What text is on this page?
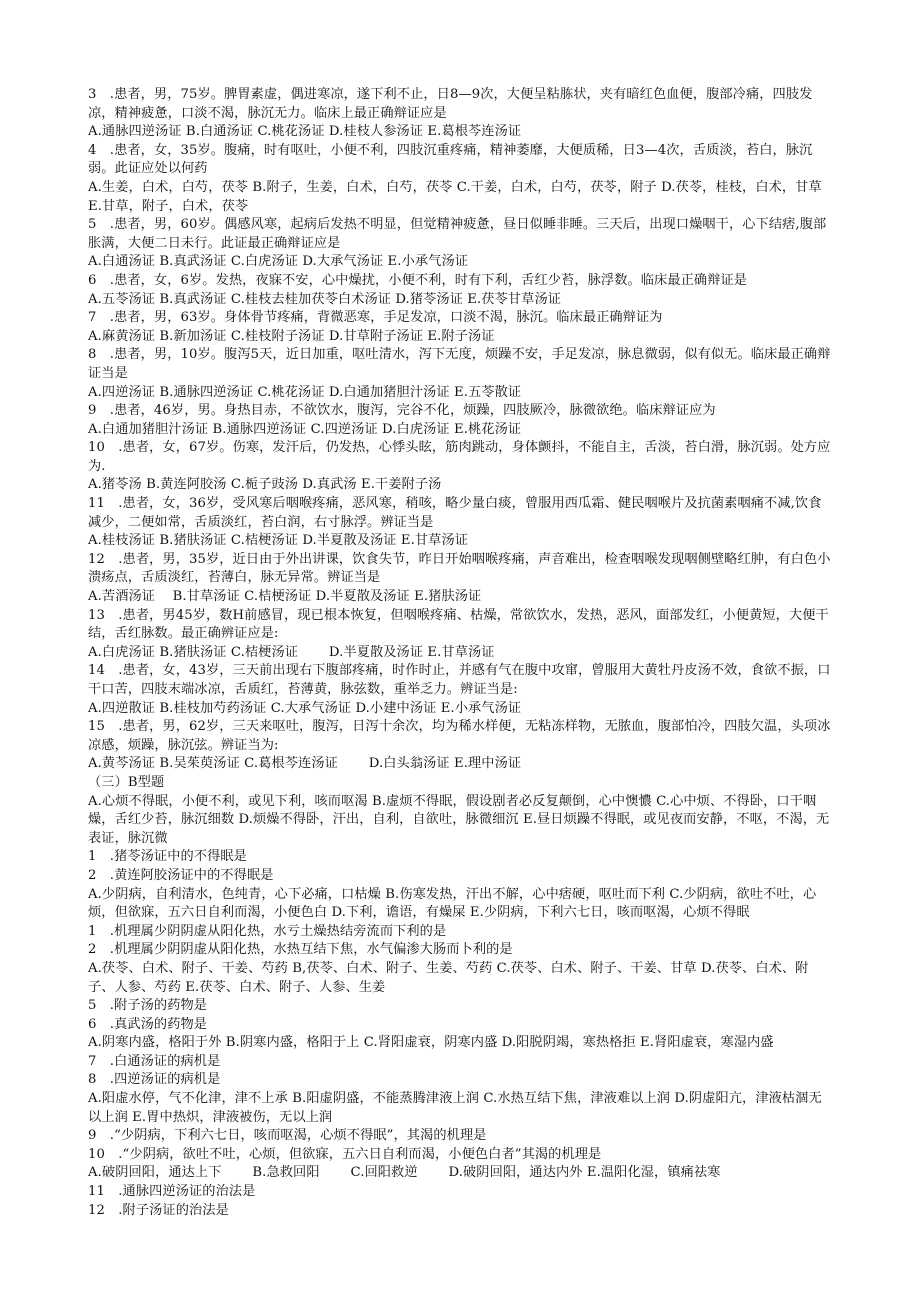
3　.患者，男，75岁。脾胃素虚，偶进寒凉，遂下利不止，日8—9次，大便呈粘胨状，夹有暗红色血便，腹部冷痛，四肢发凉，精神疲惫，口淡不渴，脉沉无力。临床上最正确辩证应是

A.通脉四逆汤证 B.白通汤证 C.桃花汤证 D.桂枝人参汤证 E.葛根芩连汤证

4　.患者，女，35岁。腹痛，时有呕吐，小便不利，四肢沉重疼痛，精神萎靡，大便质稀，日3—4次，舌质淡，苔白，脉沉弱。此证应处以何药

A.生姜，白术，白芍，茯苓 B.附子，生姜，白术，白芍，茯苓 C.干姜，白术，白芍，茯苓，附子 D.茯苓，桂枝，白术，甘草 E.甘草，附子，白术，茯苓

5　.患者，男，60岁。偶感风寒，起病后发热不明显，但觉精神疲惫，昼日似睡非睡。三天后，出现口燥咽干，心下结痞,腹部胀满，大便二日未行。此证最正确辩证应是

A.白通汤证 B.真武汤证 C.白虎汤证 D.大承气汤证 E.小承气汤证

6　.患者，女，6岁。发热，夜寐不安，心中燥扰，小便不利，时有下利，舌红少苔，脉浮数。临床最正确辩证是

A.五苓汤证 B.真武汤证 C.桂枝去桂加茯苓白术汤证 D.猪苓汤证 E.茯苓甘草汤证

7　.患者，男，63岁。身体骨节疼痛，背微恶寒，手足发凉，口淡不渴，脉沉。临床最正确辩证为

A.麻黄汤证 B.新加汤证 C.桂枝附子汤证 D.甘草附子汤证 E.附子汤证

8　.患者，男，10岁。腹泻5天，近日加重，呕吐清水，泻下无度，烦躁不安，手足发凉，脉息微弱，似有似无。临床最正确辩证当是

A.四逆汤证 B.通脉四逆汤证 C.桃花汤证 D.白通加猪胆汁汤证 E.五苓散证

9　.患者，46岁，男。身热目赤，不欲饮水，腹泻，完谷不化，烦躁，四肢厥冷，脉微欲绝。临床辩证应为

A.白通加猪胆汁汤证 B.通脉四逆汤证 C.四逆汤证 D.白虎汤证 E.桃花汤证

10　.患者，女，67岁。伤寒，发汗后，仍发热，心悸头眩，筋肉跳动，身体颤抖，不能自主，舌淡，苔白滑，脉沉弱。处方应为.

A.猪苓汤 B.黄连阿胶汤 C.栀子豉汤 D.真武汤 E.干姜附子汤

11　.患者，女，36岁，受风寒后咽喉疼痛，恶风寒，稍咳，略少量白痰，曾服用西瓜霜、健民咽喉片及抗菌素咽痛不减,饮食减少，二便如常，舌质淡红，苔白润，右寸脉浮。辨证当是

A.桂枝汤证 B.猪肤汤证 C.桔梗汤证 D.半夏散及汤证 E.甘草汤证

12　.患者，男，35岁，近日由于外出讲课，饮食失节，昨日开始咽喉疼痛，声音难出，检查咽喉发现咽侧壁略红肿，有白色小溃疡点，舌质淡红，苔薄白，脉无异常。辨证当是

A.苦酒汤证　 B.甘草汤证 C.桔梗汤证 D.半夏散及汤证 E.猪肤汤证

13　.患者，男45岁，数H前感冒，现已根本恢复，但咽喉疼痛、枯燥，常欲饮水，发热，恶风，面部发红，小便黄短，大便干结，舌红脉数。最正确辨证应是:

A.白虎汤证 B.猪肤汤证 C.桔梗汤证　　 D.半夏散及汤证 E.甘草汤证

14　.患者，女，43岁，三天前出现右下腹部疼痛，时作时止，并感有气在腹中攻窜，曾服用大黄牡丹皮汤不效，食欲不振，口干口苦，四肢末端冰凉，舌质红，苔薄黄，脉弦数，重举乏力。辨证当是:

A.四逆散证 B.桂枝加芍药汤证 C.大承气汤证 D.小建中汤证 E.小承气汤证

15　.患者，男，62岁，三天来呕吐，腹泻，日泻十余次，均为稀水样便，无粘冻样物，无脓血，腹部怕冷，四肢欠温，头项冰凉感，烦躁，脉沉弦。辨证当为:

A.黄芩汤证 B.吴茱萸汤证 C.葛根芩连汤证　　 D.白头翁汤证 E.理中汤证

（三）B型题

A.心烦不得眠，小便不利，或见下利，咳而呕渴 B.虚烦不得眠，假设剧者必反复颠倒，心中懊憹 C.心中烦、不得卧，口干咽燥，舌红少苔，脉沉细数 D.烦燥不得卧，汗出，自利，自欲吐，脉微细沉 E.昼日烦躁不得眠，或见夜而安静，不呕，不渴，无表证，脉沉微

1　.猪苓汤证中的不得眠是

2　.黄连阿胶汤证中的不得眠是

A.少阴病，自利清水，色纯青，心下必痛，口枯燥 B.伤寒发热，汗出不解，心中痞硬，呕吐而下利 C.少阴病，欲吐不吐，心烦，但欲寐，五六日自利而渴，小便色白 D.下利，谵语，有燥屎 E.少阴病，下利六七日，咳而呕渴，心烦不得眠

1　.机理属少阴阴虚从阳化热，水亏土燥热结旁流而下利的是

2　.机理属少阴阴虚从阳化热，水热互结下焦，水气偏渗大肠而卜利的是

A.茯苓、白术、附子、干姜、芍药 B,茯苓、白术、附子、生姜、芍药 C.茯苓、白术、附子、干姜、甘草 D.茯苓、白术、附子、人参、芍药 E.茯苓、白术、附子、人参、生姜

5　.附子汤的药物是

6　.真武汤的药物是

A.阴寒内盛，格阳于外 B.阴寒内盛，格阳于上 C.肾阳虚衰，阴寒内盛 D.阳脱阴竭，寒热格拒 E.肾阳虚衰，寒湿内盛

7　.白通汤证的病机是

8　.四逆汤证的病机是

A.阳虚水停，气不化津，津不上承 B.阳虚阴盛，不能蒸腾津液上润 C.水热互结下焦，津液难以上润 D.阴虚阳亢，津液枯涸无以上润 E.胃中热炽，津液被伤，无以上润

9　.“少阴病，下利六七日，咳而呕渴，心烦不得眠”，其渴的机理是

10　.“少阴病，欲吐不吐，心烦，但欲寐，五六日自利而渴，小便色白者”其渴的机理是

A.破阴回阳，通达上下　　 B.急救回阳　　 C.回阳救逆　　 D.破阴回阳，通达内外 E.温阳化湿，镇痛祛寒

11　.通脉四逆汤证的治法是

12　.附子汤证的治法是
